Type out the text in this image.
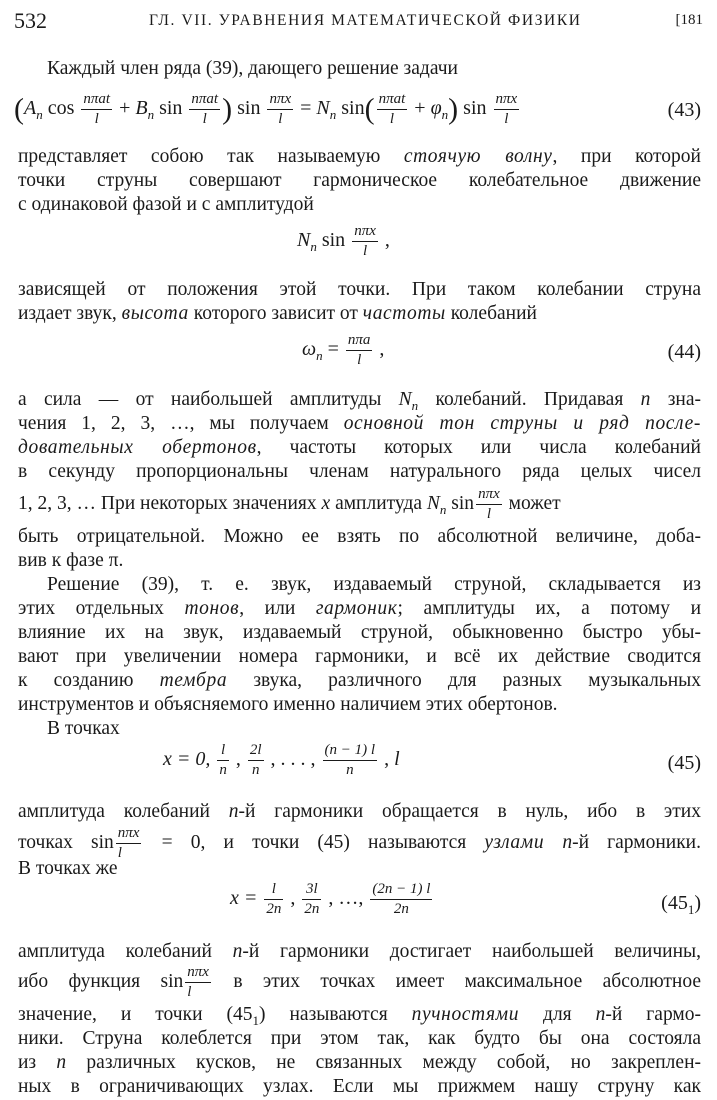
532	ГЛ. VII. УРАВНЕНИЯ МАТЕМАТИЧЕСКОЙ ФИЗИКИ	[181
Каждый член ряда (39), дающего решение задачи
($A_n$ $\cos \frac{\text{nπat}}{l} + B_n$ $\sin \frac{\text{nπat}}{l}$ ) $\sin \frac{\text{nπx}}{l} = N_n$ $\sin( \frac{\text{nπat}}{l} + \varphi_n)$ $\sin \frac{\text{nπx}}{l}$	(43)
представляет собою так называемую стоячую волну, при которой
точки струны совершают гармоническое колебательное движение
с одинаковой фазой и с амплитудой
$N_n$ $\sin \frac{\text{nπx}}{l}$ ,
зависящей от положения этой точки. При таком колебании струна
издает звук, высота которого зависит от частоты колебаний
$\omega_n = \frac{\text{nπa}}{l}$ ,	(44)
а сила — от наибольшей амплитуды $N_n$ колебаний. Придавая n зна-
чения 1, 2, 3, …, мы получаем основной тон струны и ряд после-
довательных обертонов, частоты которых или числа колебаний
в секунду пропорциональны членам натурального ряда целых чисел
1, 2, 3, … При некоторых значениях x амплитуда $N_n$ $\sin \frac{\text{nπx}}{l}$ может
быть отрицательной. Можно ее взять по абсолютной величине, доба-
вив к фазе π.
Решение (39), т. е. звук, издаваемый струной, складывается из
этих отдельных тонов, или гармоник; амплитуды их, а потому и
влияние их на звук, издаваемый струной, обыкновенно быстро убы-
вают при увеличении номера гармоники, и всё их действие сводится
к созданию тембра звука, различного для разных музыкальных
инструментов и объясняемого именно наличием этих обертонов.
В точках
x = 0, $\frac{l}{n}$ , $\frac{2l}{n}$ , . . . , $\frac{(n - 1) l}{n}$ , l	(45)
амплитуда колебаний n-й гармоники обращается в нуль, ибо в этих
точках $\sin \frac{\text{nπx}}{l} = 0$, и точки (45) называются узлами n-й гармоники.
В точках же
$x = \frac{l}{2n}$ , $\frac{3l}{2n}$ , …, $\frac{(2n - 1) l}{2n}$	$(45_1)$
амплитуда колебаний n-й гармоники достигает наибольшей величины,
ибо функция $\sin \frac{\text{nπx}}{l}$ в этих точках имеет максимальное абсолютное
значение, и точки $(45_1)$ называются пучностями для n-й гармо-
ники. Струна колеблется при этом так, как будто бы она состояла
из n различных кусков, не связанных между собой, но закреплен-
ных в ограничивающих узлах. Если мы прижмем нашу струну как
